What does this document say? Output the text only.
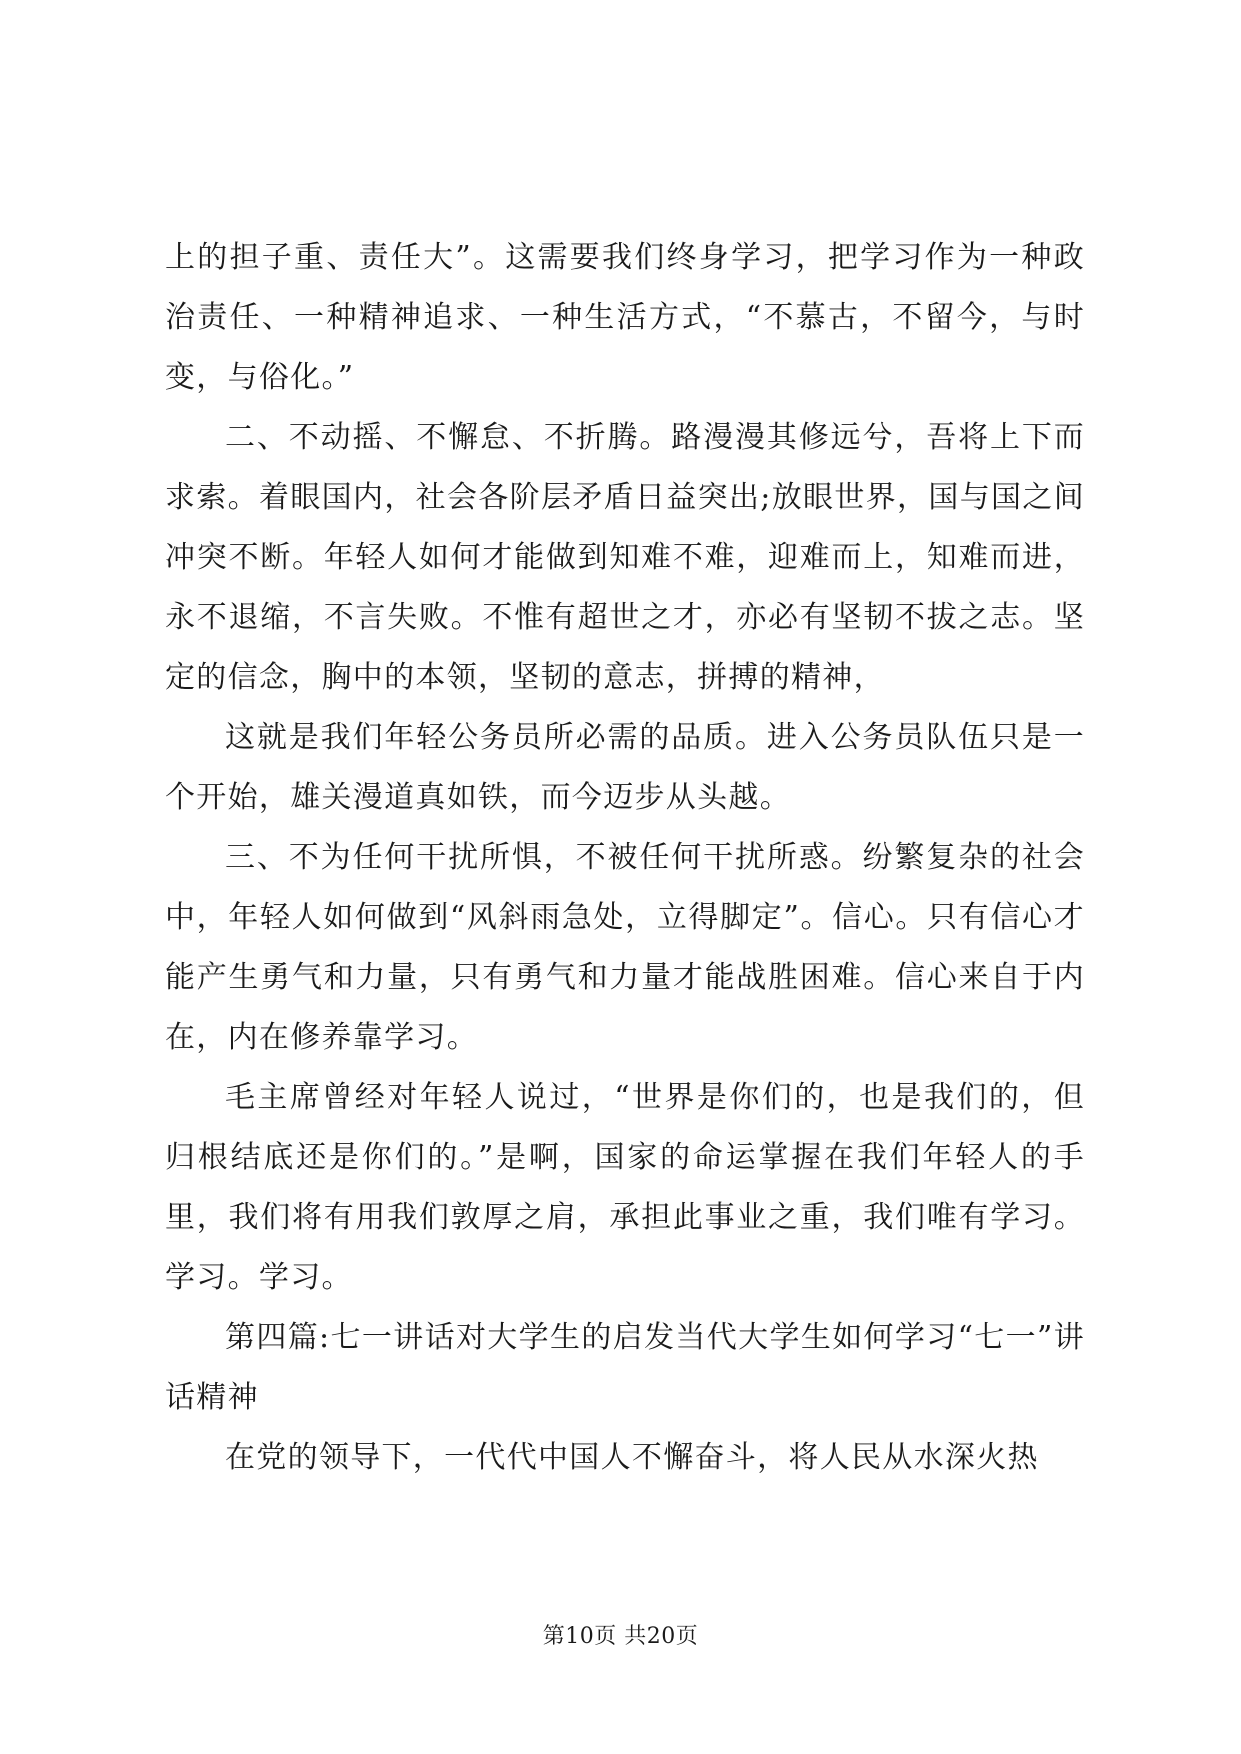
上的担子重、责任大”。这需要我们终身学习，把学习作为一种政治责任、一种精神追求、一种生活方式，“不慕古，不留今，与时变，与俗化。”

二、不动摇、不懈怠、不折腾。路漫漫其修远兮，吾将上下而求索。着眼国内，社会各阶层矛盾日益突出;放眼世界，国与国之间冲突不断。年轻人如何才能做到知难不难，迎难而上，知难而进，永不退缩，不言失败。不惟有超世之才，亦必有坚韧不拔之志。坚定的信念，胸中的本领，坚韧的意志，拼搏的精神，

这就是我们年轻公务员所必需的品质。进入公务员队伍只是一个开始，雄关漫道真如铁，而今迈步从头越。

三、不为任何干扰所惧，不被任何干扰所惑。纷繁复杂的社会中，年轻人如何做到“风斜雨急处，立得脚定”。信心。只有信心才能产生勇气和力量，只有勇气和力量才能战胜困难。信心来自于内在，内在修养靠学习。

毛主席曾经对年轻人说过，“世界是你们的，也是我们的，但归根结底还是你们的。”是啊，国家的命运掌握在我们年轻人的手里，我们将有用我们敦厚之肩，承担此事业之重，我们唯有学习。学习。学习。

第四篇:七一讲话对大学生的启发当代大学生如何学习“七一”讲话精神

在党的领导下，一代代中国人不懈奋斗，将人民从水深火热

第10页 共20页
